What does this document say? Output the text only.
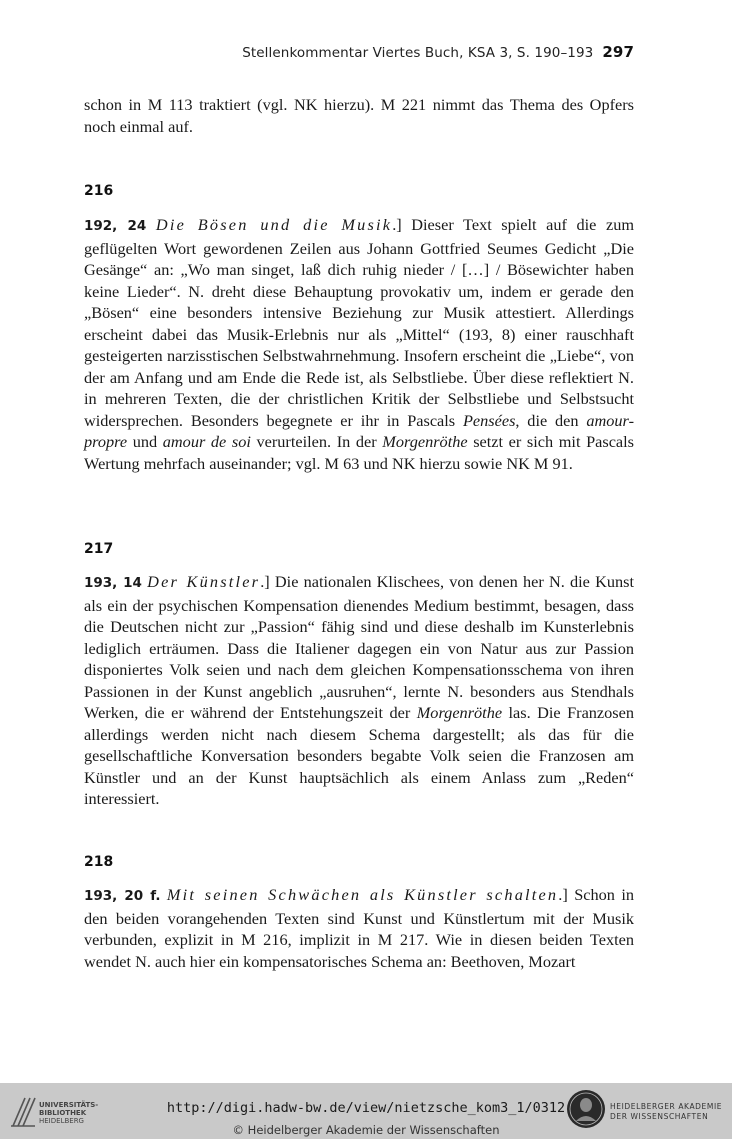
Stellenkommentar Viertes Buch, KSA 3, S. 190–193 297

schon in M 113 traktiert (vgl. NK hierzu). M 221 nimmt das Thema des Opfers noch einmal auf.

216

192, 24 Die Bösen und die Musik.] Dieser Text spielt auf die zum geflügelten Wort gewordenen Zeilen aus Johann Gottfried Seumes Gedicht „Die Gesänge“ an: „Wo man singet, laß dich ruhig nieder / […] / Bösewichter haben keine Lieder“. N. dreht diese Behauptung provokativ um, indem er gerade den „Bösen“ eine besonders intensive Beziehung zur Musik attestiert. Allerdings erscheint dabei das Musik-Erlebnis nur als „Mittel“ (193, 8) einer rauschhaft gesteigerten narzisstischen Selbstwahrnehmung. Insofern erscheint die „Liebe“, von der am Anfang und am Ende die Rede ist, als Selbstliebe. Über diese reflektiert N. in mehreren Texten, die der christlichen Kritik der Selbstliebe und Selbstsucht widersprechen. Besonders begegnete er ihr in Pascals Pensées, die den amour-propre und amour de soi verurteilen. In der Morgenröthe setzt er sich mit Pascals Wertung mehrfach auseinander; vgl. M 63 und NK hierzu sowie NK M 91.

217

193, 14 Der Künstler.] Die nationalen Klischees, von denen her N. die Kunst als ein der psychischen Kompensation dienendes Medium bestimmt, besagen, dass die Deutschen nicht zur „Passion“ fähig sind und diese deshalb im Kunsterlebnis lediglich erträumen. Dass die Italiener dagegen ein von Natur aus zur Passion disponiertes Volk seien und nach dem gleichen Kompensationsschema von ihren Passionen in der Kunst angeblich „ausruhen“, lernte N. besonders aus Stendhals Werken, die er während der Entstehungszeit der Morgenröthe las. Die Franzosen allerdings werden nicht nach diesem Schema dargestellt; als das für die gesellschaftliche Konversation besonders begabte Volk seien die Franzosen am Künstler und an der Kunst hauptsächlich als einem Anlass zum „Reden“ interessiert.

218

193, 20 f. Mit seinen Schwächen als Künstler schalten.] Schon in den beiden vorangehenden Texten sind Kunst und Künstlertum mit der Musik verbunden, explizit in M 216, implizit in M 217. Wie in diesen beiden Texten wendet N. auch hier ein kompensatorisches Schema an: Beethoven, Mozart

UNIVERSITÄTS-
BIBLIOTHEK
HEIDELBERG
http://digi.hadw-bw.de/view/nietzsche_kom3_1/0312
© Heidelberger Akademie der Wissenschaften
HEIDELBERGER AKADEMIE
DER WISSENSCHAFTEN
